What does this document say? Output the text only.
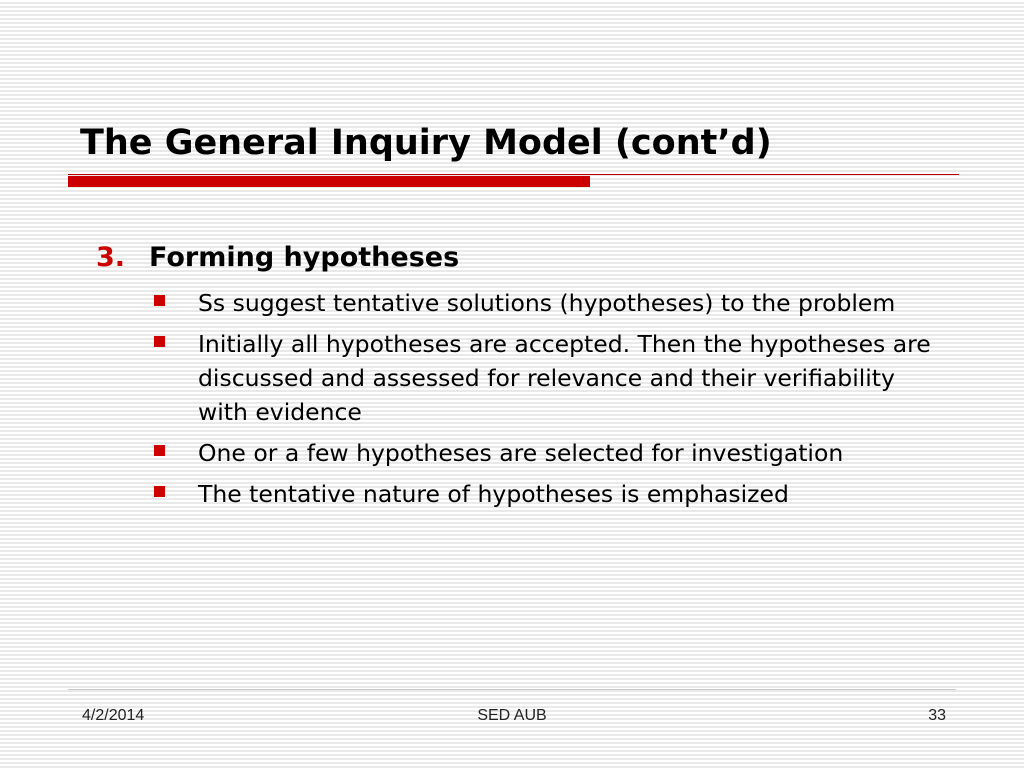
The General Inquiry Model (cont’d)
3. Forming hypotheses
Ss suggest tentative solutions (hypotheses) to the problem
Initially all hypotheses are accepted. Then the hypotheses are discussed and assessed for relevance and their verifiability with evidence
One or a few hypotheses are selected for investigation
The tentative nature of hypotheses is emphasized
4/2/2014	SED AUB	33
